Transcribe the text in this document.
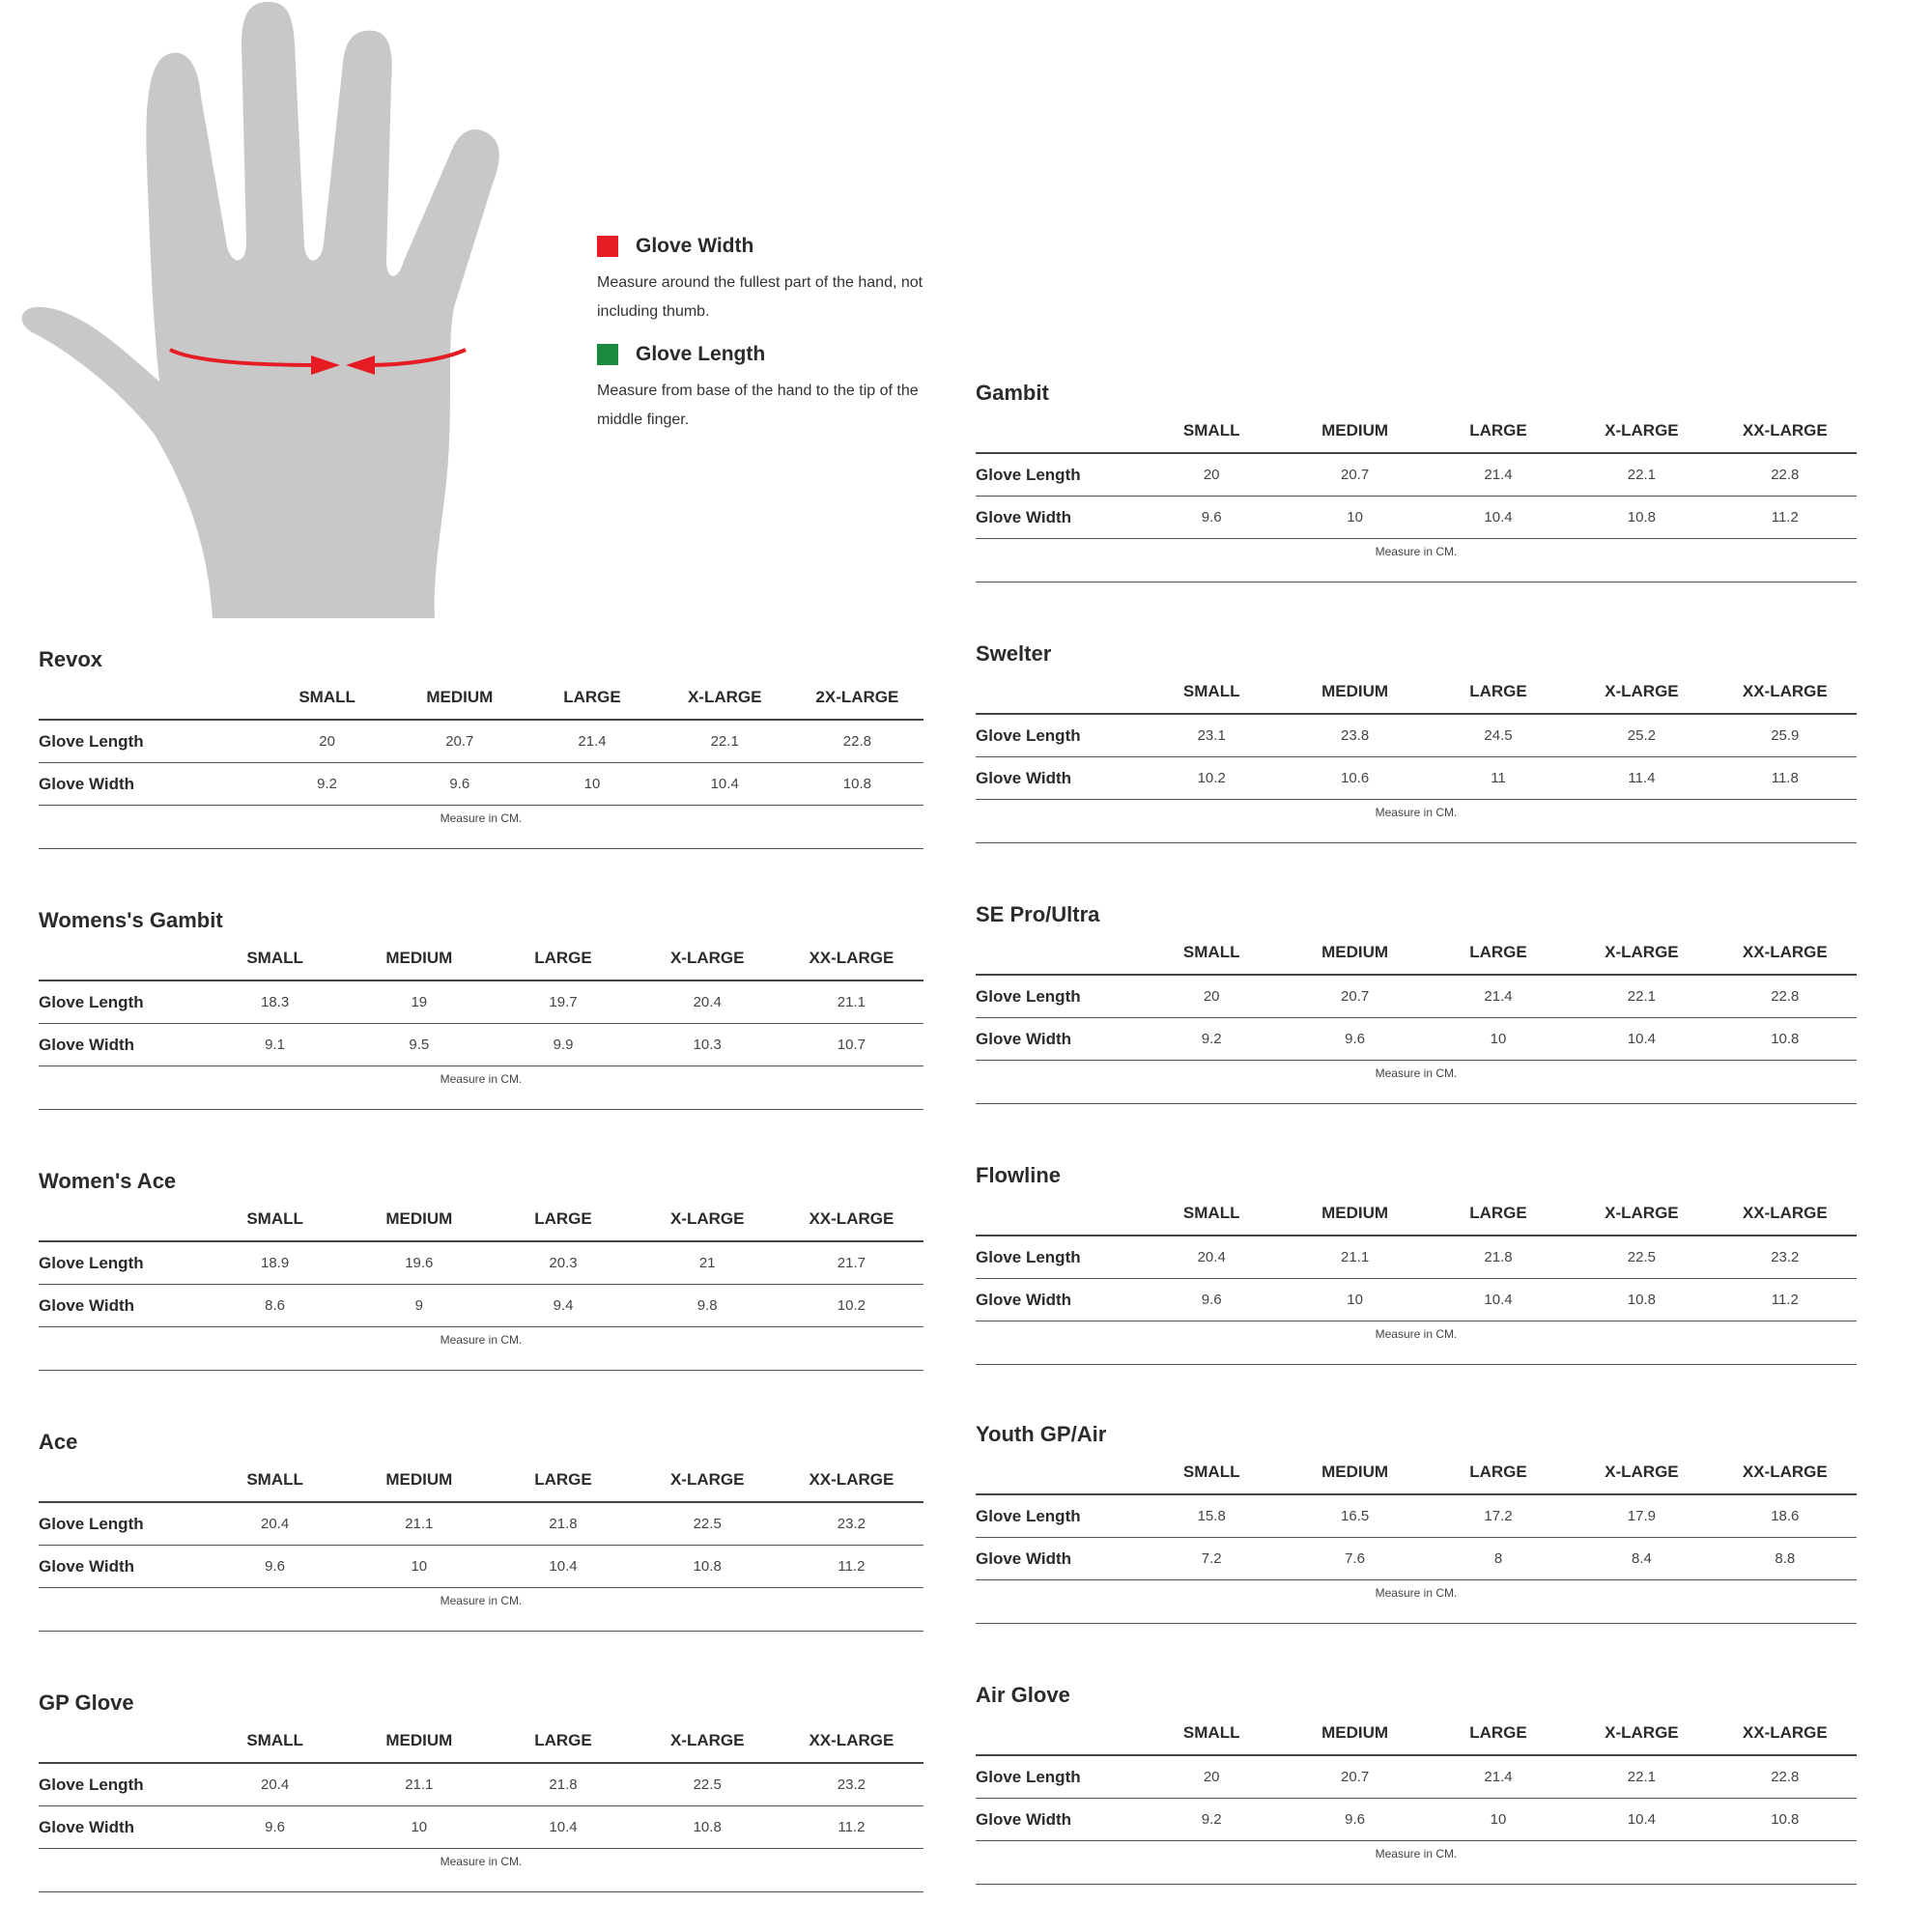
Glove Width
Measure around the fullest part of the hand, not including thumb.
Glove Length
Measure from base of the hand to the tip of the middle finger.
Revox
SMALL	MEDIUM	LARGE	X-LARGE	2X-LARGE
Glove Length	20	20.7	21.4	22.1	22.8
Glove Width	9.2	9.6	10	10.4	10.8
Measure in CM.
Womens's Gambit
SMALL	MEDIUM	LARGE	X-LARGE	XX-LARGE
Glove Length	18.3	19	19.7	20.4	21.1
Glove Width	9.1	9.5	9.9	10.3	10.7
Measure in CM.
Women's Ace
SMALL	MEDIUM	LARGE	X-LARGE	XX-LARGE
Glove Length	18.9	19.6	20.3	21	21.7
Glove Width	8.6	9	9.4	9.8	10.2
Measure in CM.
Ace
SMALL	MEDIUM	LARGE	X-LARGE	XX-LARGE
Glove Length	20.4	21.1	21.8	22.5	23.2
Glove Width	9.6	10	10.4	10.8	11.2
Measure in CM.
GP Glove
SMALL	MEDIUM	LARGE	X-LARGE	XX-LARGE
Glove Length	20.4	21.1	21.8	22.5	23.2
Glove Width	9.6	10	10.4	10.8	11.2
Measure in CM.
Gambit
SMALL	MEDIUM	LARGE	X-LARGE	XX-LARGE
Glove Length	20	20.7	21.4	22.1	22.8
Glove Width	9.6	10	10.4	10.8	11.2
Measure in CM.
Swelter
SMALL	MEDIUM	LARGE	X-LARGE	XX-LARGE
Glove Length	23.1	23.8	24.5	25.2	25.9
Glove Width	10.2	10.6	11	11.4	11.8
Measure in CM.
SE Pro/Ultra
SMALL	MEDIUM	LARGE	X-LARGE	XX-LARGE
Glove Length	20	20.7	21.4	22.1	22.8
Glove Width	9.2	9.6	10	10.4	10.8
Measure in CM.
Flowline
SMALL	MEDIUM	LARGE	X-LARGE	XX-LARGE
Glove Length	20.4	21.1	21.8	22.5	23.2
Glove Width	9.6	10	10.4	10.8	11.2
Measure in CM.
Youth GP/Air
SMALL	MEDIUM	LARGE	X-LARGE	XX-LARGE
Glove Length	15.8	16.5	17.2	17.9	18.6
Glove Width	7.2	7.6	8	8.4	8.8
Measure in CM.
Air Glove
SMALL	MEDIUM	LARGE	X-LARGE	XX-LARGE
Glove Length	20	20.7	21.4	22.1	22.8
Glove Width	9.2	9.6	10	10.4	10.8
Measure in CM.
